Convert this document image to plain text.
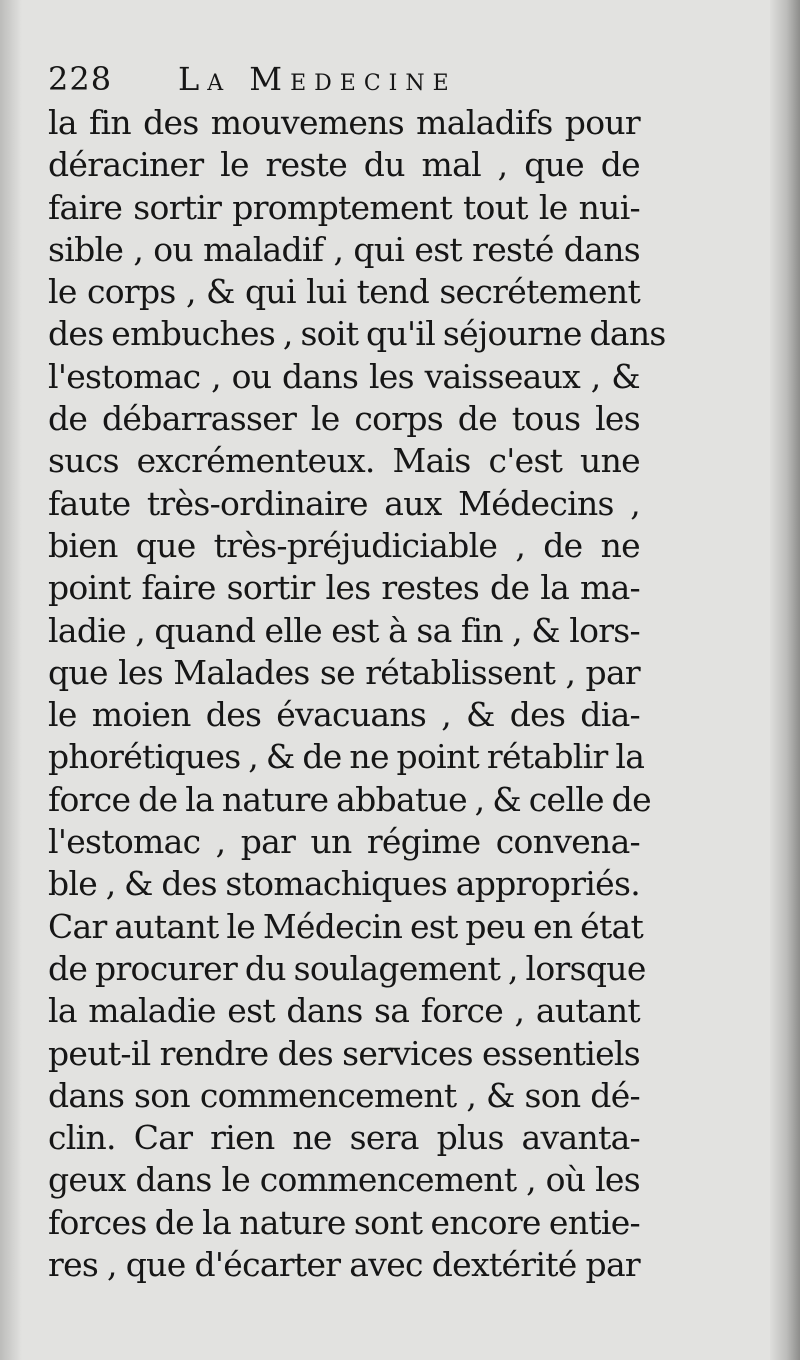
228	La Medecine
la fin des mouvemens maladifs pour
déraciner le reste du mal , que de
faire sortir promptement tout le nui-
sible , ou maladif , qui est resté dans
le corps , & qui lui tend secrétement
des embuches , soit qu'il séjourne dans
l'estomac , ou dans les vaisseaux , &
de débarrasser le corps de tous les
sucs excrémenteux. Mais c'est une
faute très-ordinaire aux Médecins ,
bien que très-préjudiciable , de ne
point faire sortir les restes de la ma-
ladie , quand elle est à sa fin , & lors-
que les Malades se rétablissent , par
le moien des évacuans , & des dia-
phorétiques , & de ne point rétablir la
force de la nature abbatue , & celle de
l'estomac , par un régime convena-
ble , & des stomachiques appropriés.
Car autant le Médecin est peu en état
de procurer du soulagement , lorsque
la maladie est dans sa force , autant
peut-il rendre des services essentiels
dans son commencement , & son dé-
clin. Car rien ne sera plus avanta-
geux dans le commencement , où les
forces de la nature sont encore entie-
res , que d'écarter avec dextérité par
